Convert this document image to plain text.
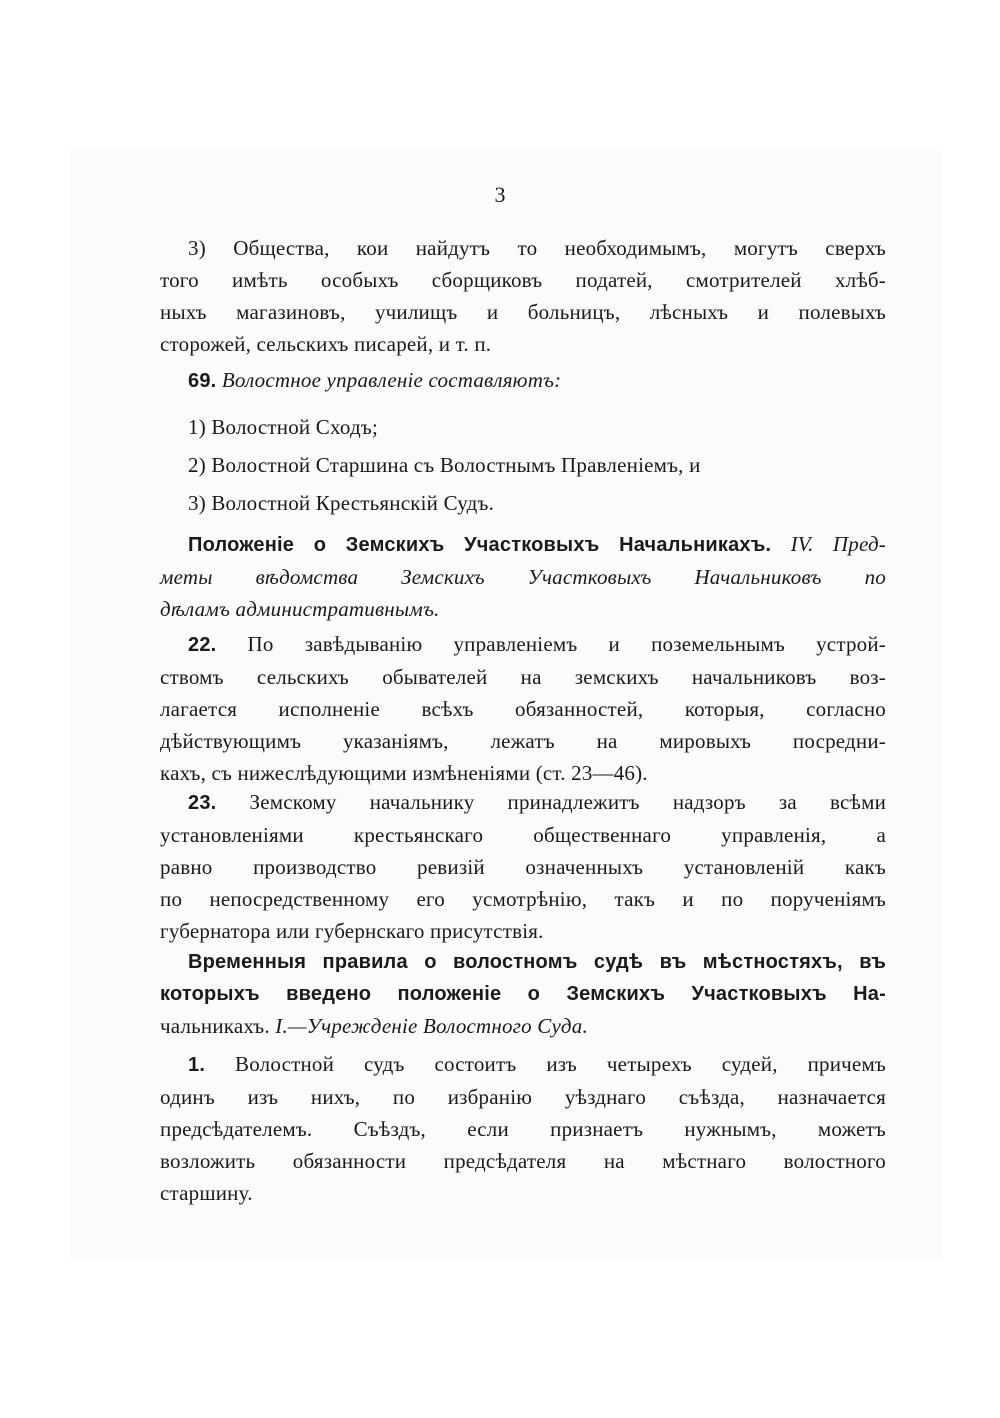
3
3) Общества, кои найдутъ то необходимымъ, могутъ сверхъ
того имѣть особыхъ сборщиковъ податей, смотрителей хлѣб-
ныхъ магазиновъ, училищъ и больницъ, лѣсныхъ и полевыхъ
сторожей, сельскихъ писарей, и т. п.
69. Волостное управленіе составляютъ:
1) Волостной Сходъ;
2) Волостной Старшина съ Волостнымъ Правленіемъ, и
3) Волостной Крестьянскій Судъ.
Положеніе о Земскихъ Участковыхъ Начальникахъ. IV. Пред-
меты вѣдомства Земскихъ Участковыхъ Начальниковъ по
дѣламъ административнымъ.
22. По завѣдыванію управленіемъ и поземельнымъ устрой-
ствомъ сельскихъ обывателей на земскихъ начальниковъ воз-
лагается исполненіе всѣхъ обязанностей, которыя, согласно
дѣйствующимъ указаніямъ, лежатъ на мировыхъ посредни-
кахъ, съ нижеслѣдующими измѣненіями (ст. 23—46).
23. Земскому начальнику принадлежитъ надзоръ за всѣми
установленіями крестьянскаго общественнаго управленія, а
равно производство ревизій означенныхъ установленій какъ
по непосредственному его усмотрѣнію, такъ и по порученіямъ
губернатора или губернскаго присутствія.
Временныя правила о волостномъ судѣ въ мѣстностяхъ, въ
которыхъ введено положеніе о Земскихъ Участковыхъ На-
чальникахъ. I.—Учрежденіе Волостного Суда.
1. Волостной судъ состоитъ изъ четырехъ судей, причемъ
одинъ изъ нихъ, по избранію уѣзднаго съѣзда, назначается
предсѣдателемъ. Съѣздъ, если признаетъ нужнымъ, можетъ
возложить обязанности предсѣдателя на мѣстнаго волостного
старшину.
